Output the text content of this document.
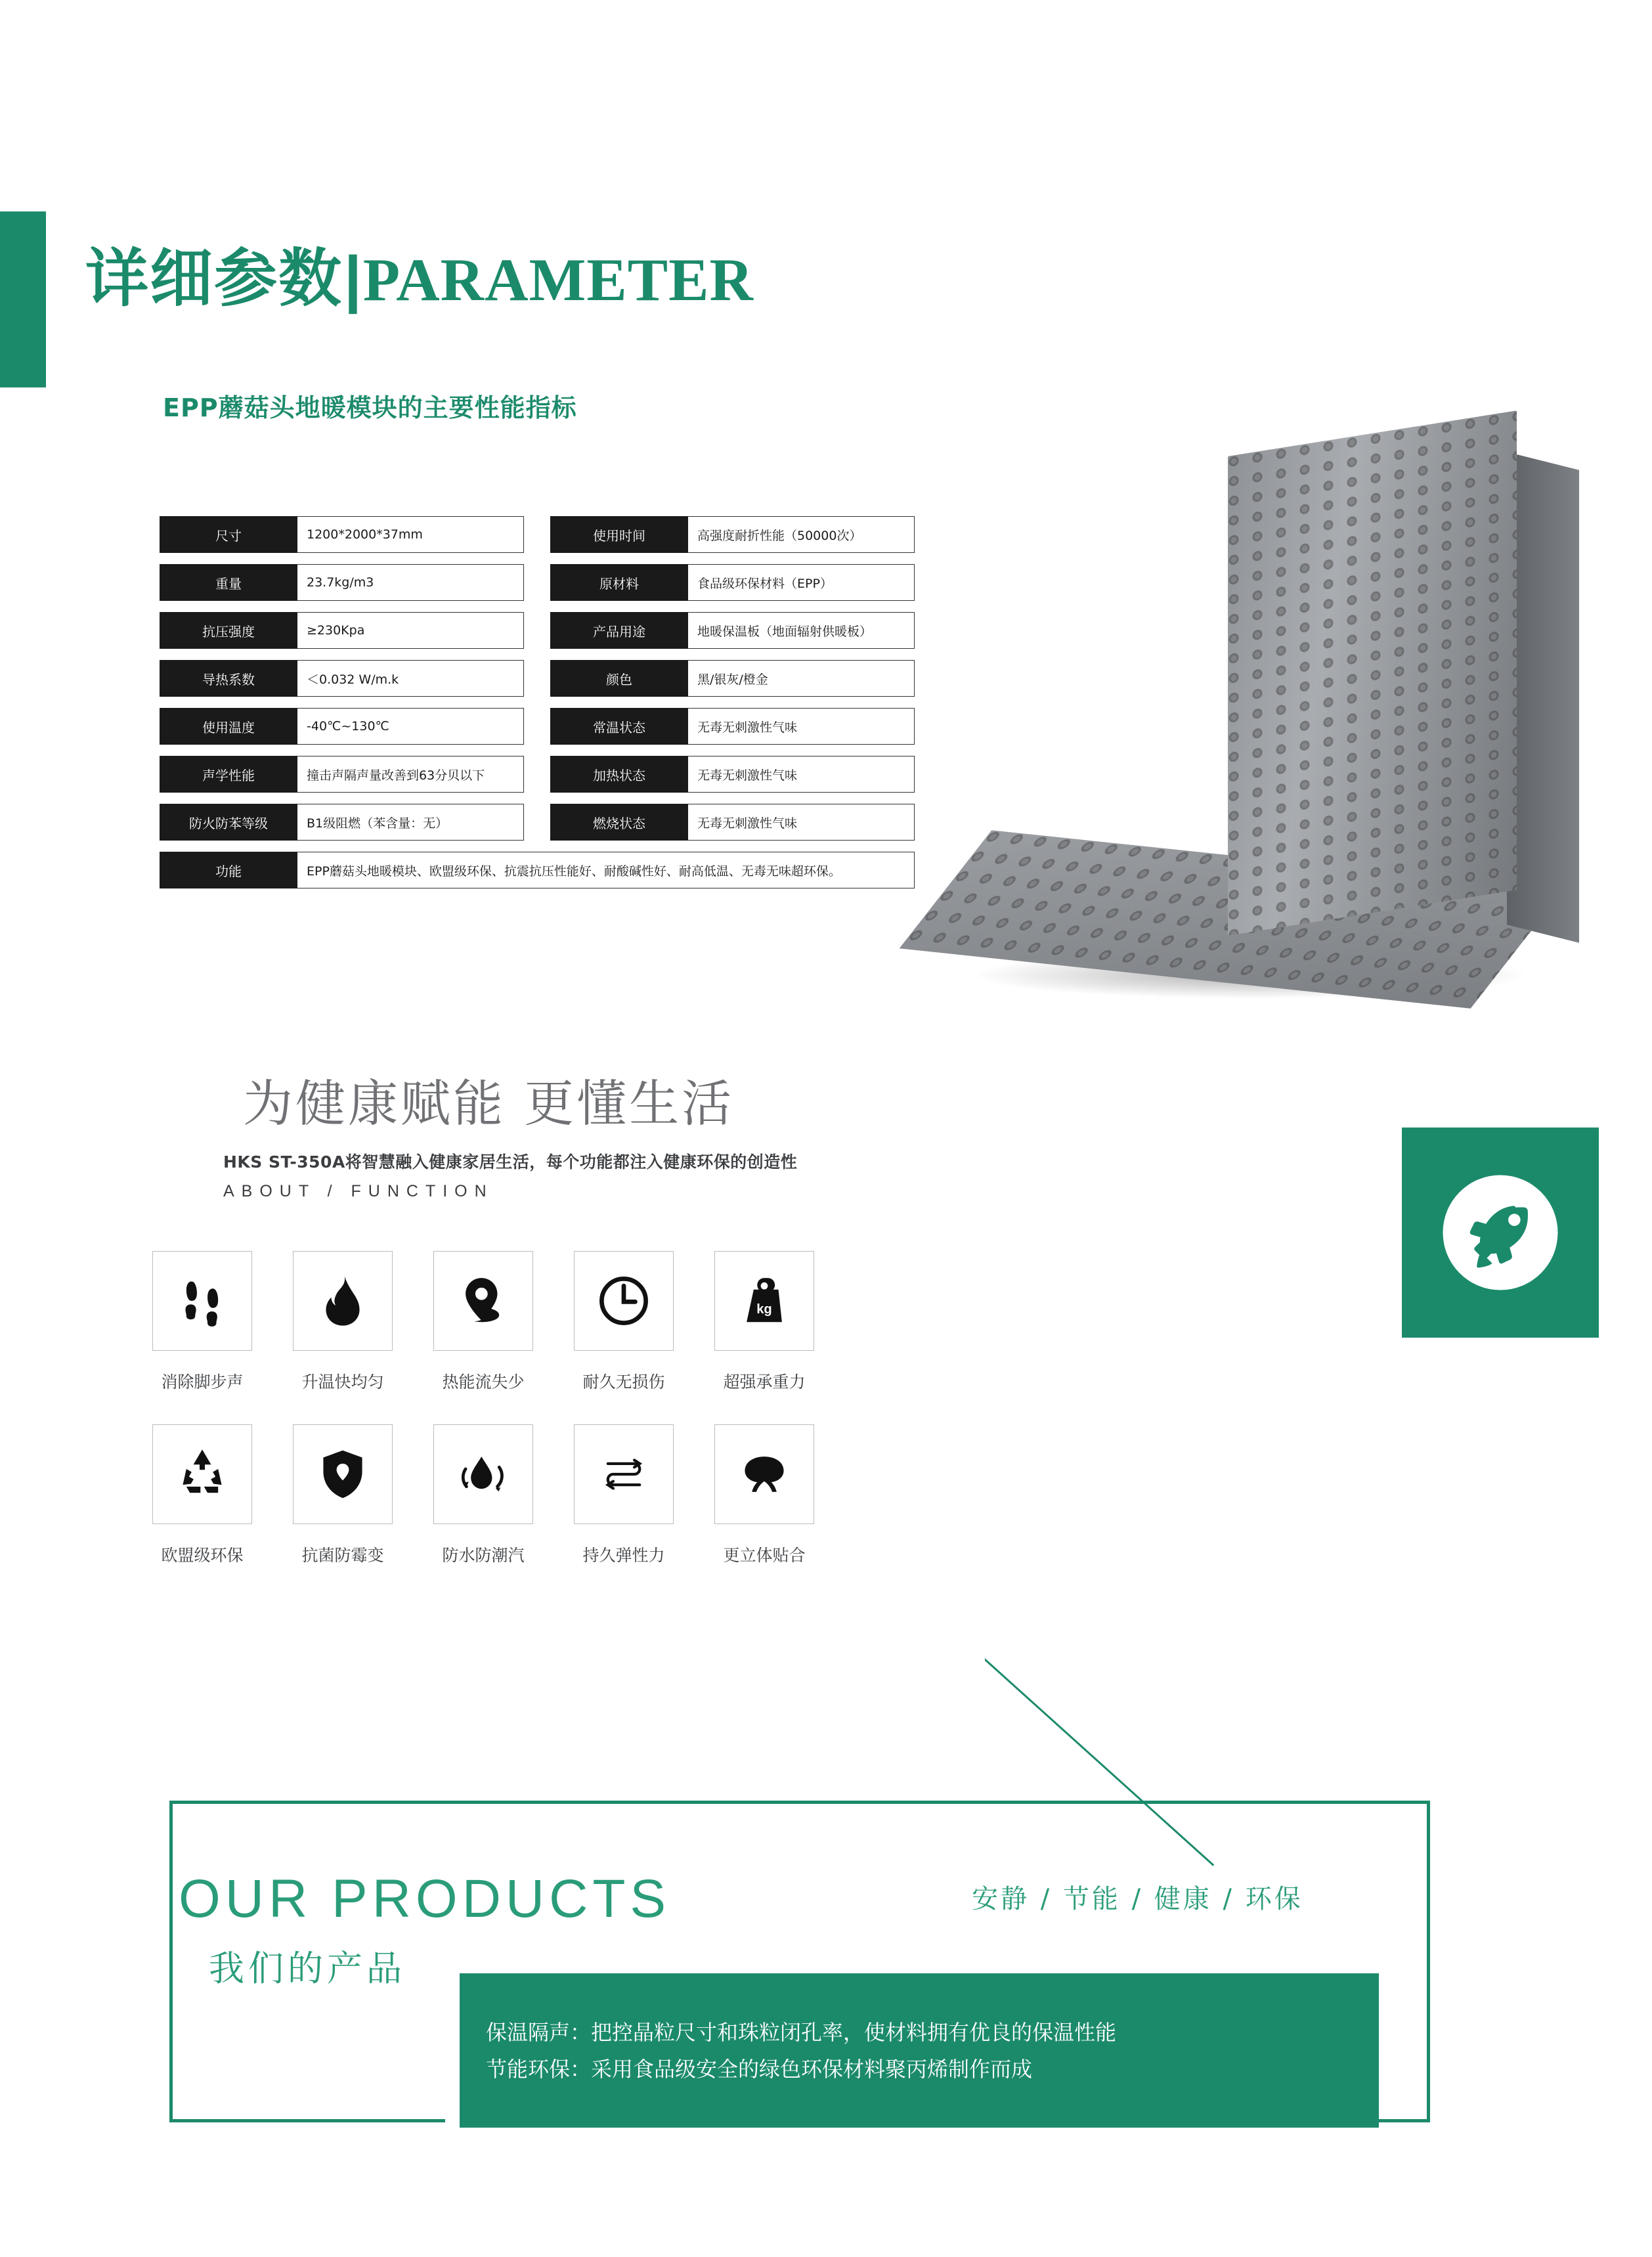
详细参数 | PARAMETER
EPP蘑菇头地暖模块的主要性能指标
尺寸	1200*2000*37mm	使用时间	高强度耐折性能（50000次）
重量	23.7kg/m3	原材料	食品级环保材料（EPP）
抗压强度	≥230Kpa	产品用途	地暖保温板（地面辐射供暖板）
导热系数	＜0.032 W/m.k	颜色	黑/银灰/橙金
使用温度	-40℃~130℃	常温状态	无毒无刺激性气味
声学性能	撞击声隔声量改善到63分贝以下	加热状态	无毒无刺激性气味
防火防苯等级	B1级阻燃（苯含量：无）	燃烧状态	无毒无刺激性气味
功能	EPP蘑菇头地暖模块、欧盟级环保、抗震抗压性能好、耐酸碱性好、耐高低温、无毒无味超环保。
为健康赋能 更懂生活
HKS ST-350A将智慧融入健康家居生活，每个功能都注入健康环保的创造性
ABOUT / FUNCTION
消除脚步声	升温快均匀	热能流失少	耐久无损伤
kg
超强承重力
欧盟级环保	抗菌防霉变	防水防潮汽	持久弹性力	更立体贴合
OUR PRODUCTS
我们的产品
安静 / 节能 / 健康 / 环保
保温隔声：把控晶粒尺寸和珠粒闭孔率，使材料拥有优良的保温性能
节能环保：采用食品级安全的绿色环保材料聚丙烯制作而成
